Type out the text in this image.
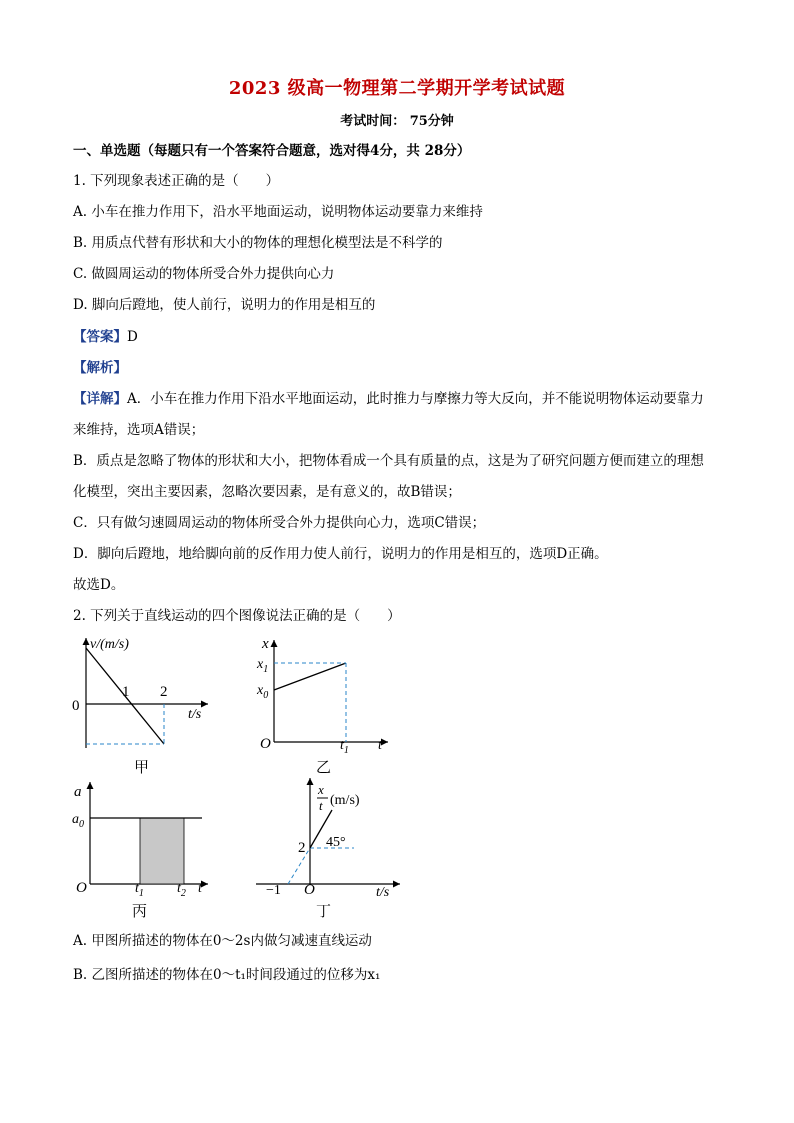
2023 级高一物理第二学期开学考试试题
考试时间： 75分钟
一、单选题（每题只有一个答案符合题意，选对得4分，共 28分）
1. 下列现象表述正确的是（　　）
A. 小车在推力作用下，沿水平地面运动，说明物体运动要靠力来维持
B. 用质点代替有形状和大小的物体的理想化模型法是不科学的
C. 做圆周运动的物体所受合外力提供向心力
D. 脚向后蹬地，使人前行，说明力的作用是相互的
【答案】D
【解析】
【详解】A．小车在推力作用下沿水平地面运动，此时推力与摩擦力等大反向，并不能说明物体运动要靠力
来维持，选项A错误；
B．质点是忽略了物体的形状和大小，把物体看成一个具有质量的点，这是为了研究问题方便而建立的理想
化模型，突出主要因素，忽略次要因素，是有意义的，故B错误；
C．只有做匀速圆周运动的物体所受合外力提供向心力，选项C错误；
D．脚向后蹬地，地给脚向前的反作用力使人前行，说明力的作用是相互的，选项D正确。
故选D。
2. 下列关于直线运动的四个图像说法正确的是（　　）
v/(m/s)
0
1 2
t/s
甲
x
$x_1$
$x_0$
O	$t_1$ t
乙
a
$a_0$
O	$t_1$ $t_2$ t
丙
x
t (m/s)
2 45°
−1 O	t/s
丁
A. 甲图所描述的物体在0～2s内做匀减速直线运动
B. 乙图所描述的物体在0～t₁时间段通过的位移为x₁
